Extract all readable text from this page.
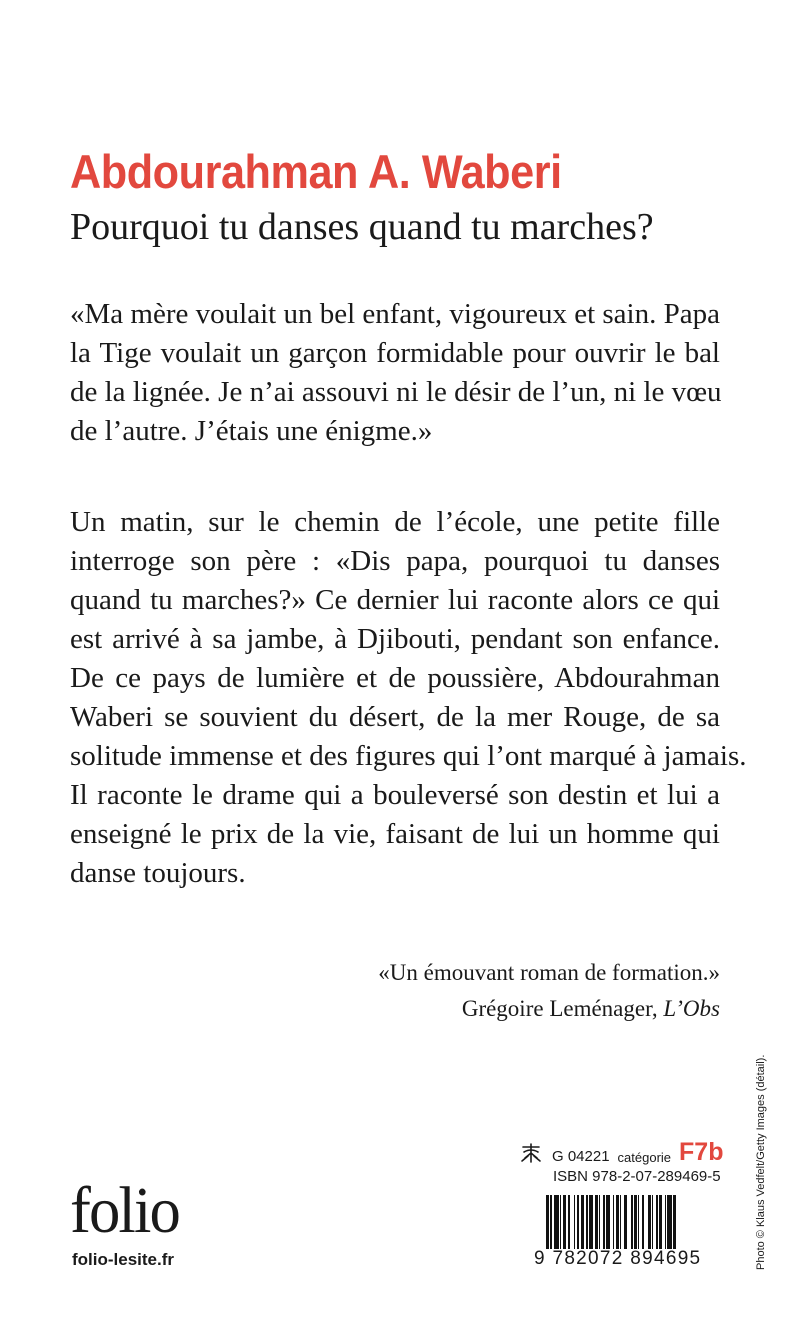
Abdourahman A. Waberi
Pourquoi tu danses quand tu marches?

«Ma mère voulait un bel enfant, vigoureux et sain. Papa
la Tige voulait un garçon formidable pour ouvrir le bal
de la lignée. Je n’ai assouvi ni le désir de l’un, ni le vœu
de l’autre. J’étais une énigme.»

Un matin, sur le chemin de l’école, une petite fille
interroge son père : «Dis papa, pourquoi tu danses
quand tu marches?» Ce dernier lui raconte alors ce qui
est arrivé à sa jambe, à Djibouti, pendant son enfance.
De ce pays de lumière et de poussière, Abdourahman
Waberi se souvient du désert, de la mer Rouge, de sa
solitude immense et des figures qui l’ont marqué à jamais.
Il raconte le drame qui a bouleversé son destin et lui a
enseigné le prix de la vie, faisant de lui un homme qui
danse toujours.

«Un émouvant roman de formation.»
Grégoire Leménager, L’Obs
Photo © Klaus Vedfelt/Getty Images (détail).
G 04221 catégorie F7b
ISBN 978-2-07-289469-5
9 782072 894695
folio
folio-lesite.fr
